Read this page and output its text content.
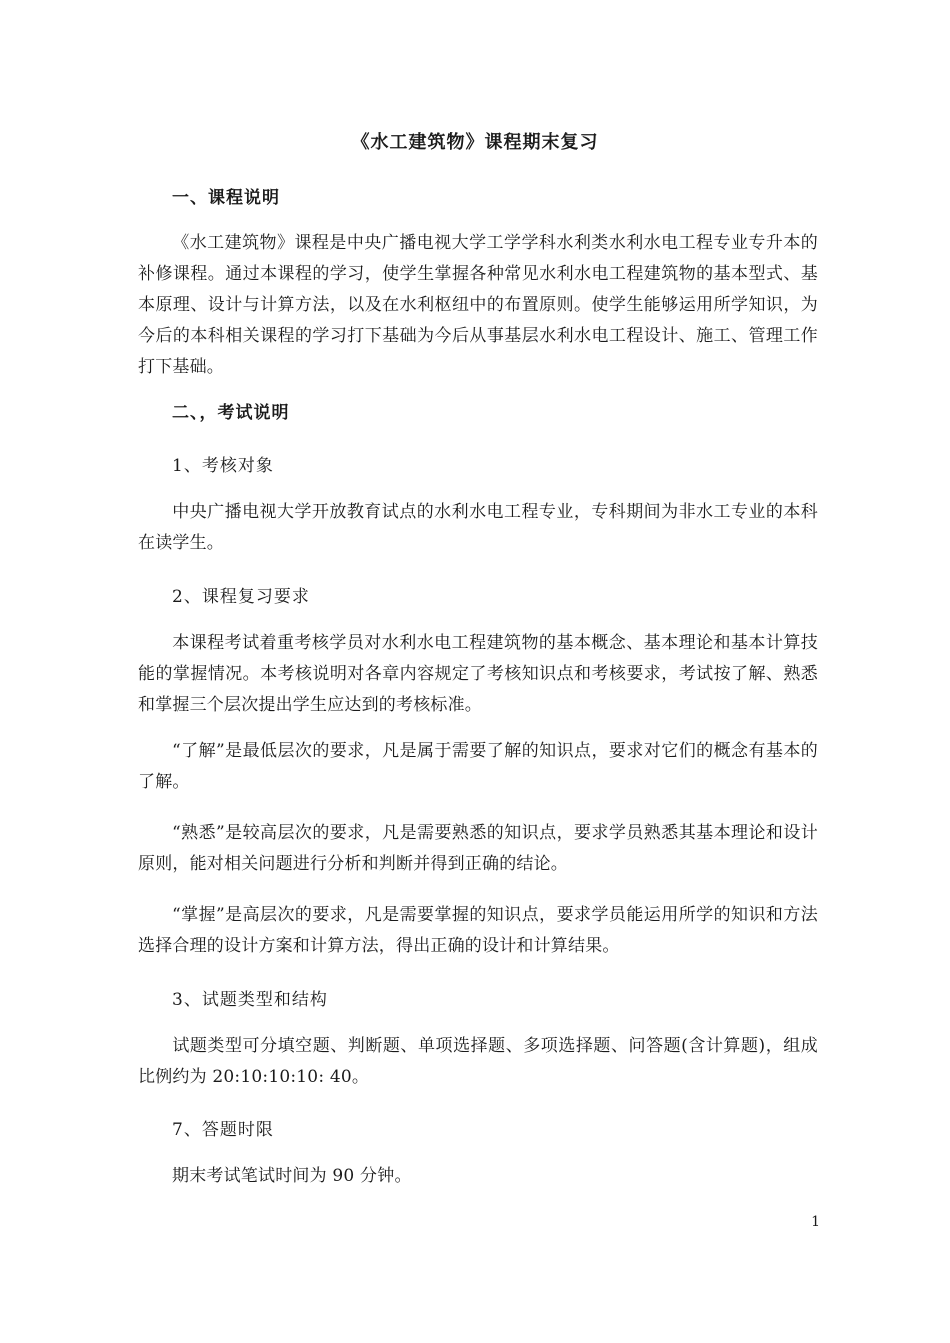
《水工建筑物》课程期末复习
一、课程说明
《水工建筑物》课程是中央广播电视大学工学学科水利类水利水电工程专业专升本的补修课程。通过本课程的学习，使学生掌握各种常见水利水电工程建筑物的基本型式、基本原理、设计与计算方法，以及在水利枢纽中的布置原则。使学生能够运用所学知识，为今后的本科相关课程的学习打下基础为今后从事基层水利水电工程设计、施工、管理工作打下基础。
二、，考试说明
1、考核对象
中央广播电视大学开放教育试点的水利水电工程专业，专科期间为非水工专业的本科在读学生。
2、课程复习要求
本课程考试着重考核学员对水利水电工程建筑物的基本概念、基本理论和基本计算技能的掌握情况。本考核说明对各章内容规定了考核知识点和考核要求，考试按了解、熟悉和掌握三个层次提出学生应达到的考核标准。
“了解”是最低层次的要求，凡是属于需要了解的知识点，要求对它们的概念有基本的了解。
“熟悉”是较高层次的要求，凡是需要熟悉的知识点，要求学员熟悉其基本理论和设计原则，能对相关问题进行分析和判断并得到正确的结论。
“掌握”是高层次的要求，凡是需要掌握的知识点，要求学员能运用所学的知识和方法选择合理的设计方案和计算方法，得出正确的设计和计算结果。
3、试题类型和结构
试题类型可分填空题、判断题、单项选择题、多项选择题、问答题(含计算题)，组成比例约为 20:10:10:10: 40。
7、答题时限
期末考试笔试时间为 90 分钟。
1
